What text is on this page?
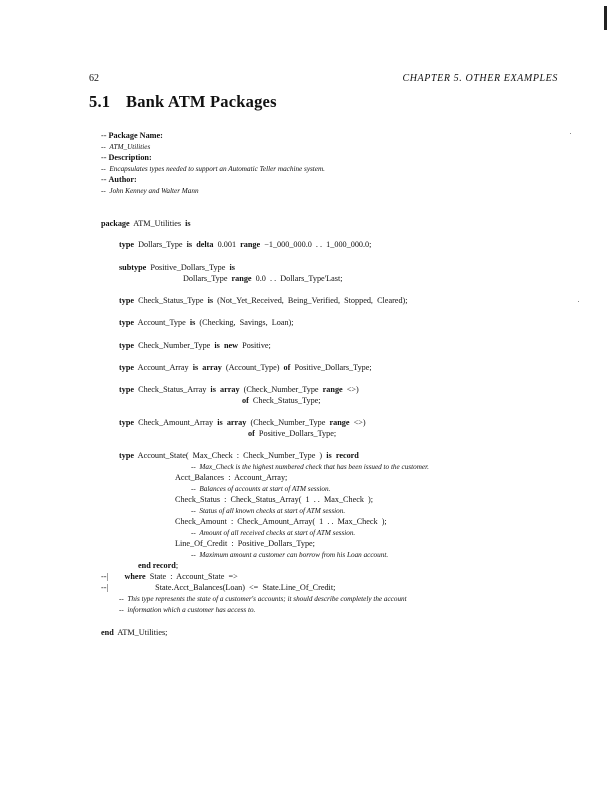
62	CHAPTER 5. OTHER EXAMPLES
5.1 Bank ATM Packages
-- Package Name:
--  ATM_Utilities
-- Description:
--  Encapsulates types needed to support an Automatic Teller machine system.
-- Author:
--  John Kenney and Walter Mann
package  ATM_Utilities  is
type  Dollars_Type  is delta  0.001  range  −1_000_000.0  . .  1_000_000.0;
subtype  Positive_Dollars_Type  is
Dollars_Type  range  0.0  . .  Dollars_Type'Last;
type  Check_Status_Type  is  (Not_Yet_Received,  Being_Verified,  Stopped,  Cleared);
type  Account_Type  is  (Checking,  Savings,  Loan);
type  Check_Number_Type  is new  Positive;
type  Account_Array  is array  (Account_Type)  of  Positive_Dollars_Type;
type  Check_Status_Array  is array  (Check_Number_Type  range  <>)
of  Check_Status_Type;
type  Check_Amount_Array  is array  (Check_Number_Type  range  <>)
of  Positive_Dollars_Type;
type  Account_State(  Max_Check  :  Check_Number_Type  )  is record
--  Max_Check is the highest numbered check that has been issued to the customer.
Acct_Balances  :  Account_Array;
--  Balances of accounts at start of ATM session.
Check_Status  :  Check_Status_Array(  1  . .  Max_Check  );
--  Status of all known checks at start of ATM session.
Check_Amount  :  Check_Amount_Array(  1  . .  Max_Check  );
--  Amount of all received checks at start of ATM session.
Line_Of_Credit  :  Positive_Dollars_Type;
--  Maximum amount a customer can borrow from his Loan account.
end record;
--|        where  State  :  Account_State  =>
--|                       State.Acct_Balances(Loan)  <=  State.Line_Of_Credit;
--  This type represents the state of a customer's accounts; it should describe completely the account
--  information which a customer has access to.
end  ATM_Utilities;
